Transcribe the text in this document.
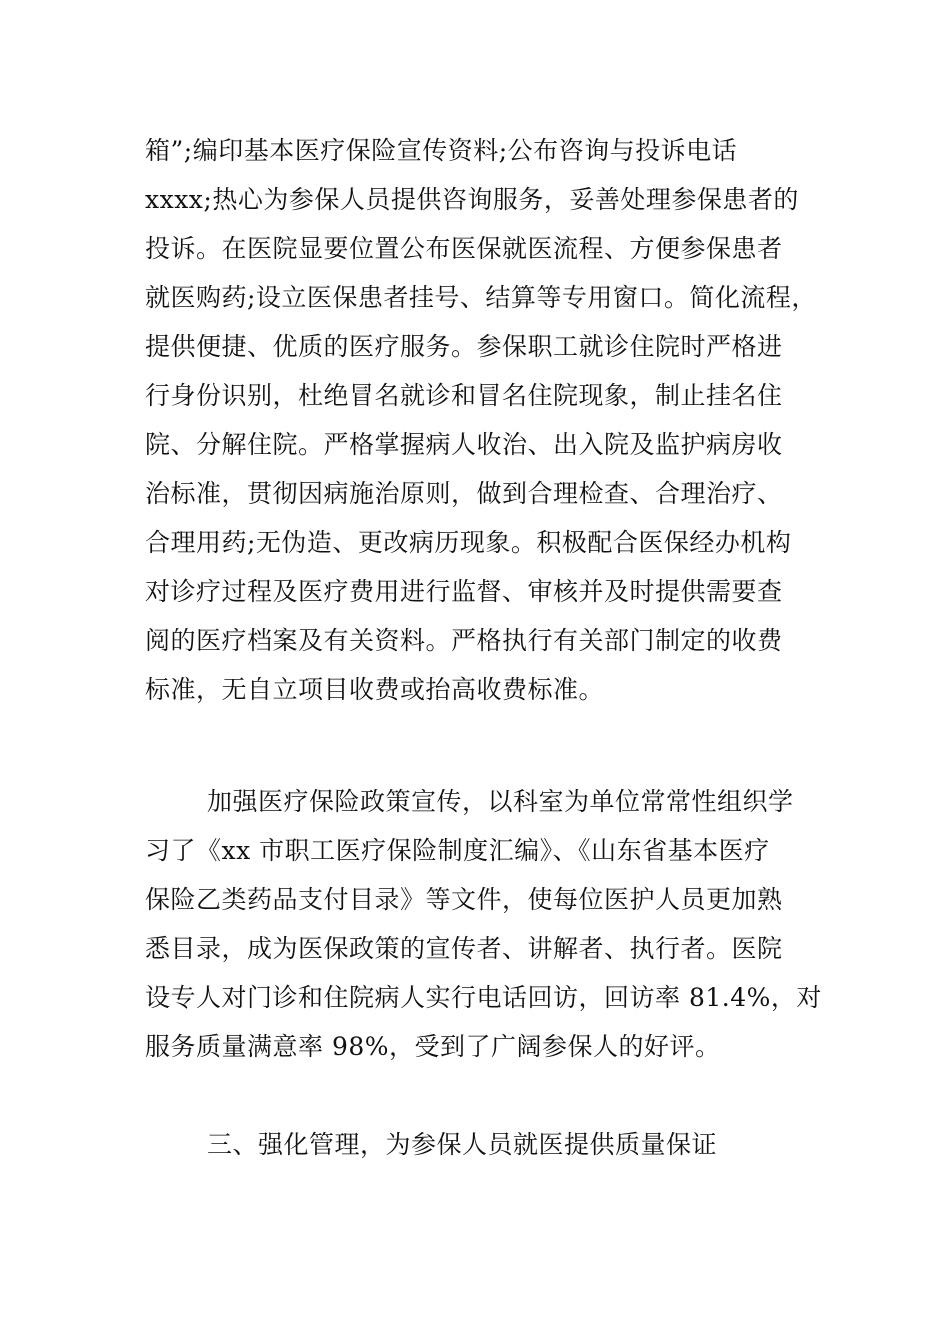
箱”;编印基本医疗保险宣传资料;公布咨询与投诉电话
xxxx;热心为参保人员提供咨询服务，妥善处理参保患者的
投诉。在医院显要位置公布医保就医流程、方便参保患者
就医购药;设立医保患者挂号、结算等专用窗口。简化流程，
提供便捷、优质的医疗服务。参保职工就诊住院时严格进
行身份识别，杜绝冒名就诊和冒名住院现象，制止挂名住
院、分解住院。严格掌握病人收治、出入院及监护病房收
治标准，贯彻因病施治原则，做到合理检查、合理治疗、
合理用药;无伪造、更改病历现象。积极配合医保经办机构
对诊疗过程及医疗费用进行监督、审核并及时提供需要查
阅的医疗档案及有关资料。严格执行有关部门制定的收费
标准，无自立项目收费或抬高收费标准。
加强医疗保险政策宣传，以科室为单位常常性组织学
习了《xx 市职工医疗保险制度汇编》、《山东省基本医疗
保险乙类药品支付目录》等文件，使每位医护人员更加熟
悉目录，成为医保政策的宣传者、讲解者、执行者。医院
设专人对门诊和住院病人实行电话回访，回访率 81.4%，对
服务质量满意率 98%，受到了广阔参保人的好评。
三、强化管理，为参保人员就医提供质量保证
